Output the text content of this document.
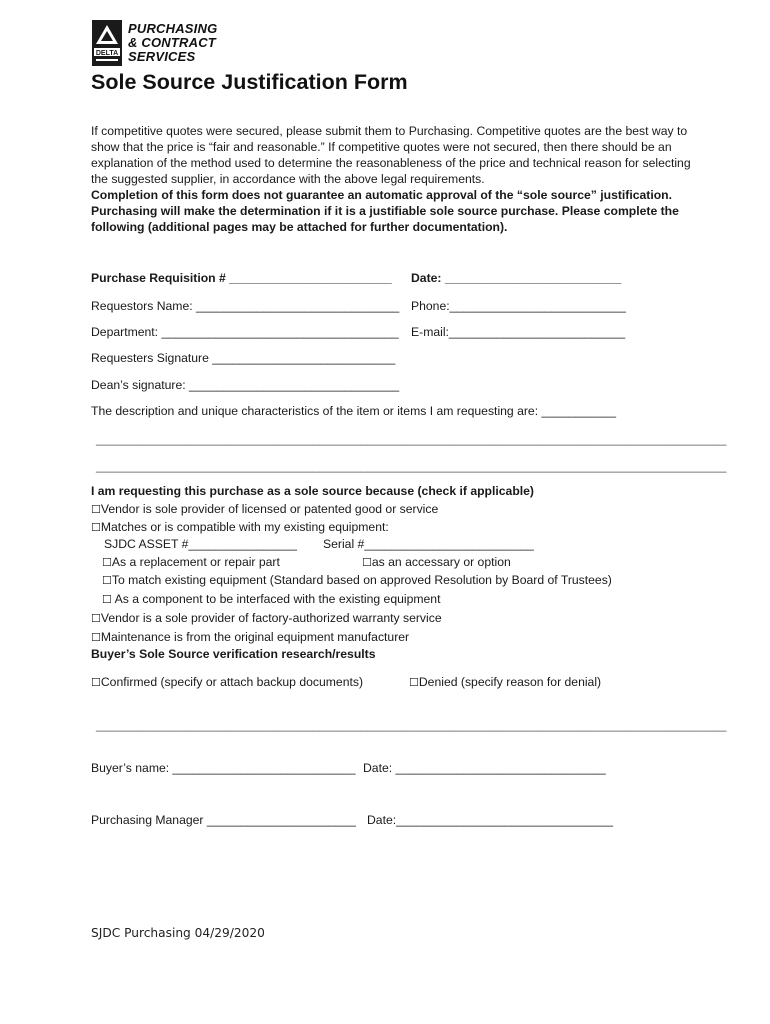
DELTA
PURCHASING
& CONTRACT
SERVICES
Sole Source Justification Form

If competitive quotes were secured, please submit them to Purchasing. Competitive quotes are the best way to show that the price is “fair and reasonable.” If competitive quotes were not secured, then there should be an explanation of the method used to determine the reasonableness of the price and technical reason for selecting the suggested supplier, in accordance with the above legal requirements.

Completion of this form does not guarantee an automatic approval of the “sole source” justification. Purchasing will make the determination if it is a justifiable sole source purchase. Please complete the following (additional pages may be attached for further documentation).

Purchase Requisition # ________________________ Date: __________________________
Requestors Name: ______________________________ Phone:__________________________
Department: ___________________________________ E-mail:__________________________
Requesters Signature ___________________________
Dean’s signature: _______________________________
The description and unique characteristics of the item or items I am requesting are: ___________
_____________________________________________________________________________________________
_____________________________________________________________________________________________
I am requesting this purchase as a sole source because (check if applicable)
☐Vendor is sole provider of licensed or patented good or service
☐Matches or is compatible with my existing equipment:
SJDC ASSET #________________ Serial #_________________________
☐As a replacement or repair part	☐as an accessary or option
☐To match existing equipment (Standard based on approved Resolution by Board of Trustees)
☐ As a component to be interfaced with the existing equipment
☐Vendor is a sole provider of factory-authorized warranty service
☐Maintenance is from the original equipment manufacturer
Buyer’s Sole Source verification research/results
☐Confirmed (specify or attach backup documents)	☐Denied (specify reason for denial)
_____________________________________________________________________________________________
Buyer’s name: ___________________________ Date: _______________________________
Purchasing Manager ______________________ Date:________________________________
SJDC Purchasing 04/29/2020
